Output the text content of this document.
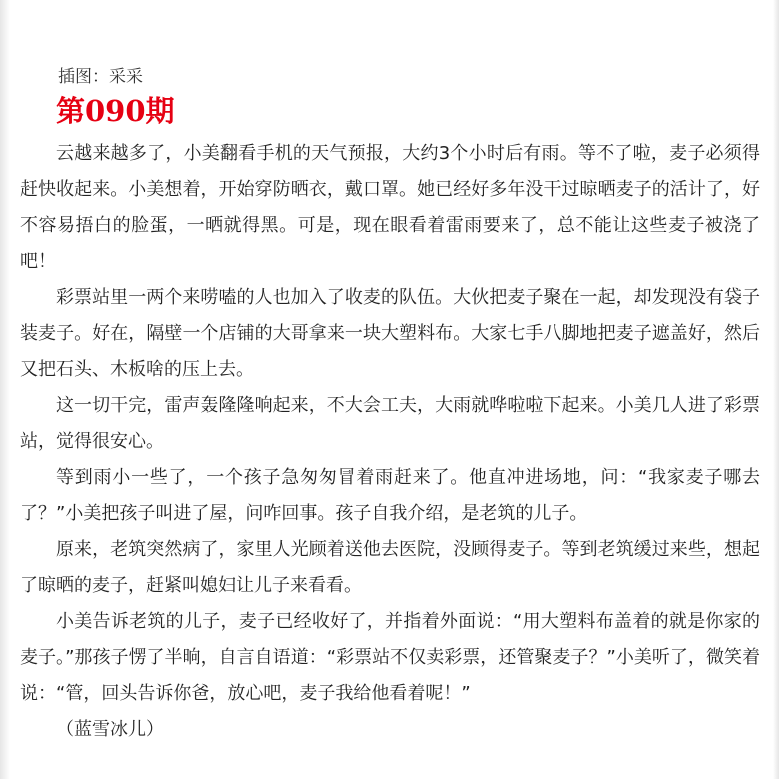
插图：采采
第090期

云越来越多了，小美翻看手机的天气预报，大约3个小时后有雨。等不了啦，麦子必须得赶快收起来。小美想着，开始穿防晒衣，戴口罩。她已经好多年没干过晾晒麦子的活计了，好不容易捂白的脸蛋，一晒就得黑。可是，现在眼看着雷雨要来了，总不能让这些麦子被浇了吧！

彩票站里一两个来唠嗑的人也加入了收麦的队伍。大伙把麦子聚在一起，却发现没有袋子装麦子。好在，隔壁一个店铺的大哥拿来一块大塑料布。大家七手八脚地把麦子遮盖好，然后又把石头、木板啥的压上去。

这一切干完，雷声轰隆隆响起来，不大会工夫，大雨就哗啦啦下起来。小美几人进了彩票站，觉得很安心。

等到雨小一些了，一个孩子急匆匆冒着雨赶来了。他直冲进场地，问：“我家麦子哪去了？”小美把孩子叫进了屋，问咋回事。孩子自我介绍，是老筑的儿子。

原来，老筑突然病了，家里人光顾着送他去医院，没顾得麦子。等到老筑缓过来些，想起了晾晒的麦子，赶紧叫媳妇让儿子来看看。

小美告诉老筑的儿子，麦子已经收好了，并指着外面说：“用大塑料布盖着的就是你家的麦子。”那孩子愣了半晌，自言自语道：“彩票站不仅卖彩票，还管聚麦子？”小美听了，微笑着说：“管，回头告诉你爸，放心吧，麦子我给他看着呢！”

（蓝雪冰儿）
